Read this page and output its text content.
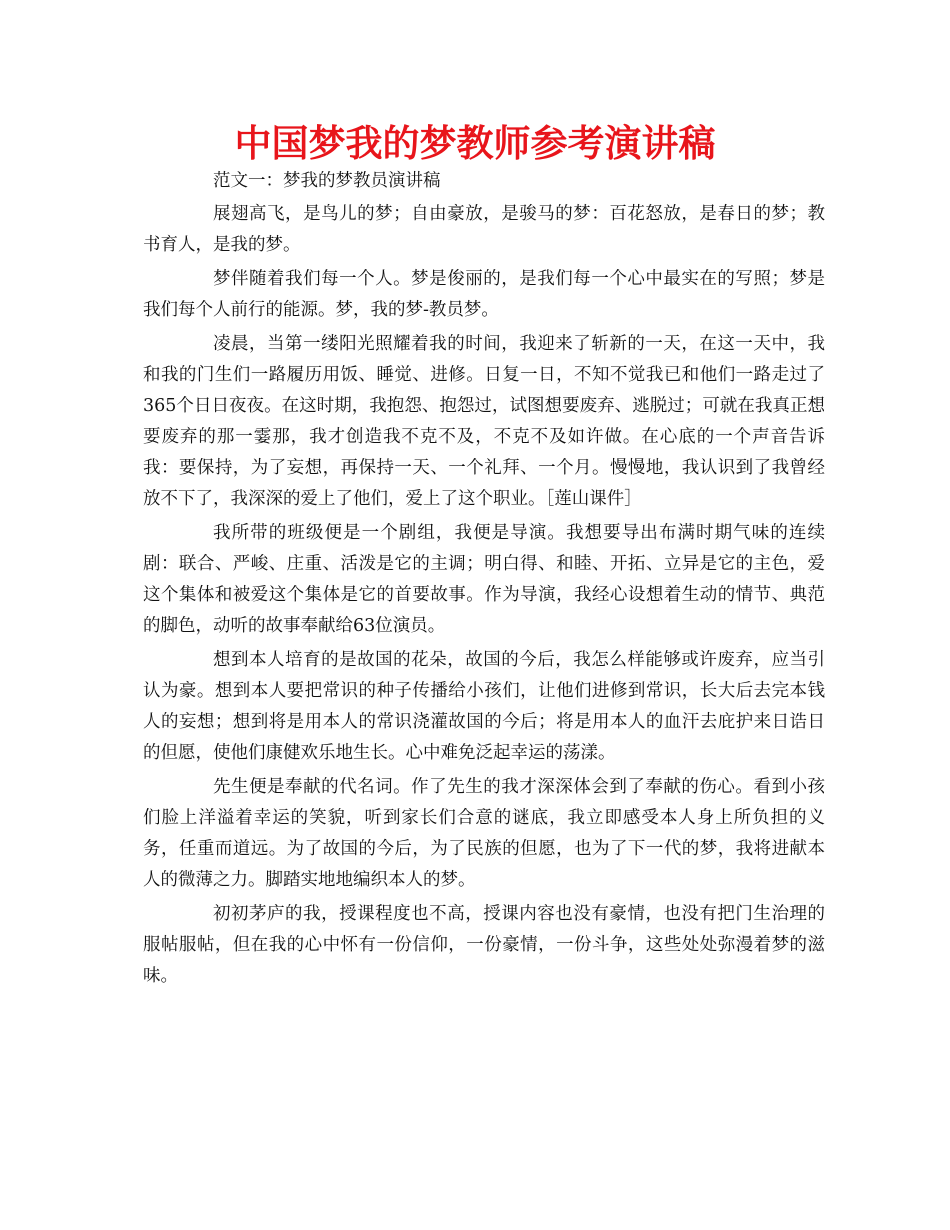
中国梦我的梦教师参考演讲稿

范文一：梦我的梦教员演讲稿

展翅高飞，是鸟儿的梦；自由豪放，是骏马的梦：百花怒放，是春日的梦；教书育人，是我的梦。

梦伴随着我们每一个人。梦是俊丽的，是我们每一个心中最实在的写照；梦是我们每个人前行的能源。梦，我的梦-教员梦。

凌晨，当第一缕阳光照耀着我的时间，我迎来了斩新的一天，在这一天中，我和我的门生们一路履历用饭、睡觉、进修。日复一日，不知不觉我已和他们一路走过了365个日日夜夜。在这时期，我抱怨、抱怨过，试图想要废弃、逃脱过；可就在我真正想要废弃的那一霎那，我才创造我不克不及，不克不及如许做。在心底的一个声音告诉我：要保持，为了妄想，再保持一天、一个礼拜、一个月。慢慢地，我认识到了我曾经放不下了，我深深的爱上了他们，爱上了这个职业。［莲山课件］

我所带的班级便是一个剧组，我便是导演。我想要导出布满时期气味的连续剧：联合、严峻、庄重、活泼是它的主调；明白得、和睦、开拓、立异是它的主色，爱这个集体和被爱这个集体是它的首要故事。作为导演，我经心设想着生动的情节、典范的脚色，动听的故事奉献给63位演员。

想到本人培育的是故国的花朵，故国的今后，我怎么样能够或许废弃，应当引认为豪。想到本人要把常识的种子传播给小孩们，让他们进修到常识，长大后去完本钱人的妄想；想到将是用本人的常识浇灌故国的今后；将是用本人的血汗去庇护来日诰日的但愿，使他们康健欢乐地生长。心中难免泛起幸运的荡漾。

先生便是奉献的代名词。作了先生的我才深深体会到了奉献的伤心。看到小孩们脸上洋溢着幸运的笑貌，听到家长们合意的谜底，我立即感受本人身上所负担的义务，任重而道远。为了故国的今后，为了民族的但愿，也为了下一代的梦，我将进献本人的微薄之力。脚踏实地地编织本人的梦。

初初茅庐的我，授课程度也不高，授课内容也没有豪情，也没有把门生治理的服帖服帖，但在我的心中怀有一份信仰，一份豪情，一份斗争，这些处处弥漫着梦的滋味。
